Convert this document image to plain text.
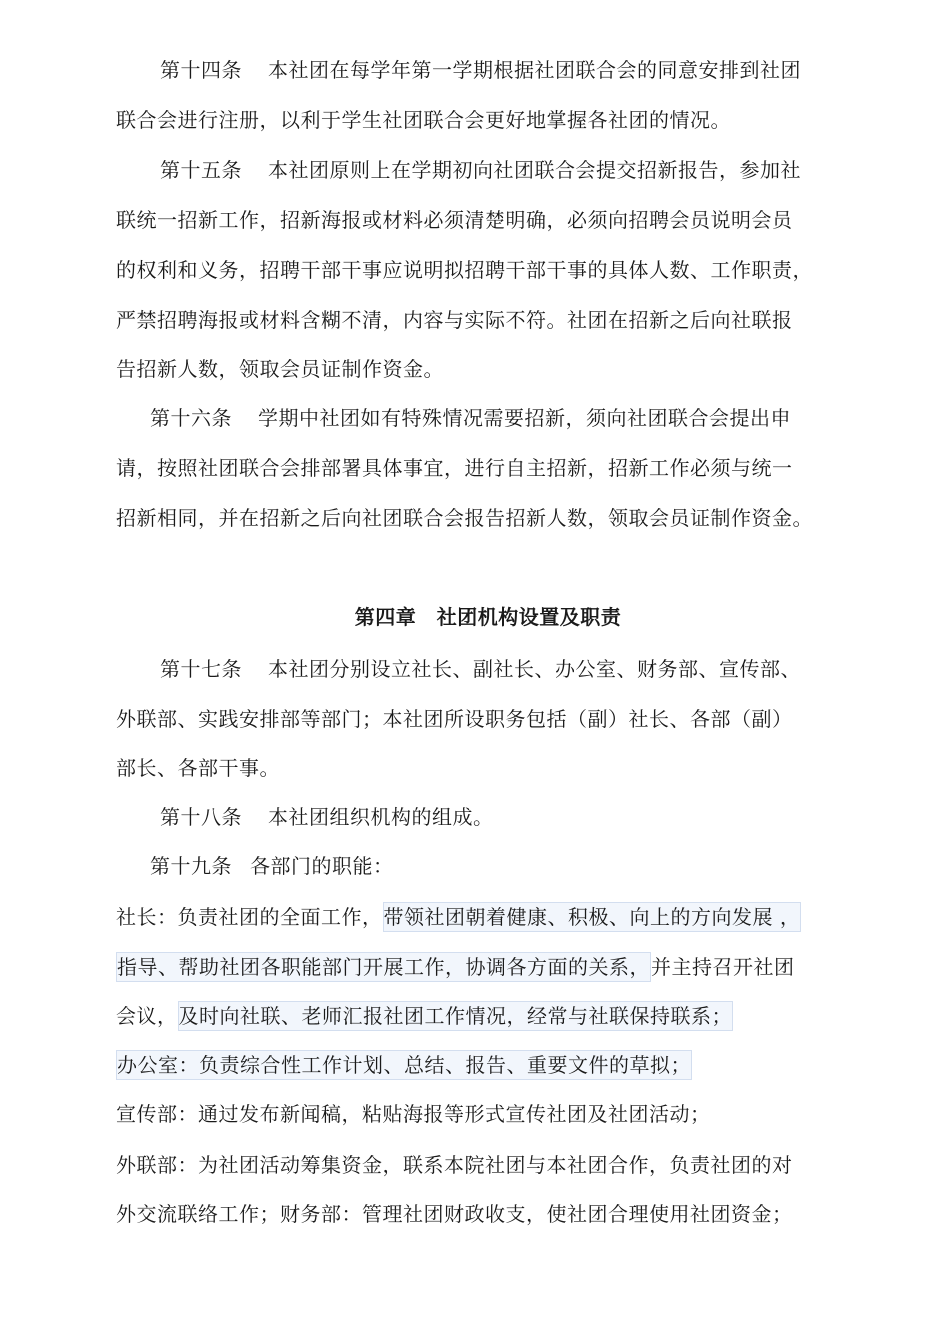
第十四条 本社团在每学年第一学期根据社团联合会的同意安排到社团
联合会进行注册，以利于学生社团联合会更好地掌握各社团的情况。
第十五条 本社团原则上在学期初向社团联合会提交招新报告，参加社
联统一招新工作，招新海报或材料必须清楚明确，必须向招聘会员说明会员
的权利和义务，招聘干部干事应说明拟招聘干部干事的具体人数、工作职责，
严禁招聘海报或材料含糊不清，内容与实际不符。社团在招新之后向社联报
告招新人数，领取会员证制作资金。
第十六条 学期中社团如有特殊情况需要招新，须向社团联合会提出申
请，按照社团联合会排部署具体事宜，进行自主招新，招新工作必须与统一
招新相同，并在招新之后向社团联合会报告招新人数，领取会员证制作资金。
第四章　社团机构设置及职责
第十七条 本社团分别设立社长、副社长、办公室、财务部、宣传部、
外联部、实践安排部等部门；本社团所设职务包括（副）社长、各部（副）
部长、各部干事。
第十八条 本社团组织机构的组成。
第十九条 各部门的职能：
社长：负责社团的全面工作，带领社团朝着健康、积极、向上的方向发展 ，
指导、帮助社团各职能部门开展工作，协调各方面的关系，并主持召开社团
会议，及时向社联、老师汇报社团工作情况，经常与社联保持联系；
办公室：负责综合性工作计划、总结、报告、重要文件的草拟；
宣传部：通过发布新闻稿，粘贴海报等形式宣传社团及社团活动；
外联部：为社团活动筹集资金，联系本院社团与本社团合作，负责社团的对
外交流联络工作；财务部：管理社团财政收支，使社团合理使用社团资金；
